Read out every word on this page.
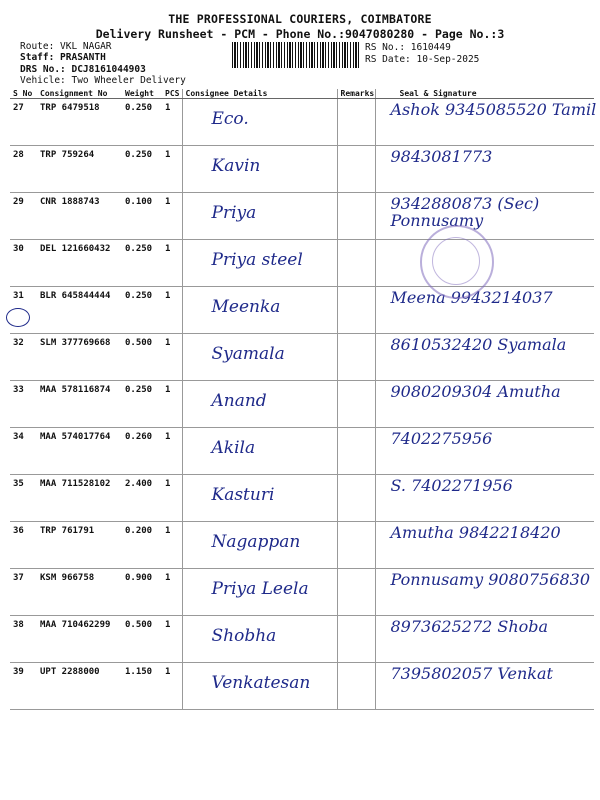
THE PROFESSIONAL COURIERS, COIMBATORE
Delivery Runsheet - PCM - Phone No.:9047080280 - Page No.:3
Route: VKL NAGAR
Staff: PRASANTH
DRS No.: DCJ8161044903
Vehicle: Two Wheeler Delivery
RS No.: 1610449
RS Date: 10-Sep-2025
S No	Consignment No	Weight	PCS	Consignee Details	Remarks	Seal & Signature
27	TRP 6479518	0.250	1	Eco.		Ashok 9345085520 Tamil

28	TRP 759264	0.250	1	Kavin		9843081773

29	CNR 1888743	0.100	1	Priya		9342880873 (Sec) Ponnusamy

30	DEL 121660432	0.250	1	Priya steel		

31	BLR 645844444	0.250	1	Meenka		Meena 9943214037

32	SLM 377769668	0.500	1	Syamala		8610532420 Syamala

33	MAA 578116874	0.250	1	Anand		9080209304 Amutha

34	MAA 574017764	0.260	1	Akila		7402275956

35	MAA 711528102	2.400	1	Kasturi		S. 7402271956

36	TRP 761791	0.200	1	Nagappan		Amutha 9842218420

37	KSM 966758	0.900	1	Priya Leela		Ponnusamy 9080756830

38	MAA 710462299	0.500	1	Shobha		8973625272 Shoba

39	UPT 2288000	1.150	1	Venkatesan		7395802057 Venkat
